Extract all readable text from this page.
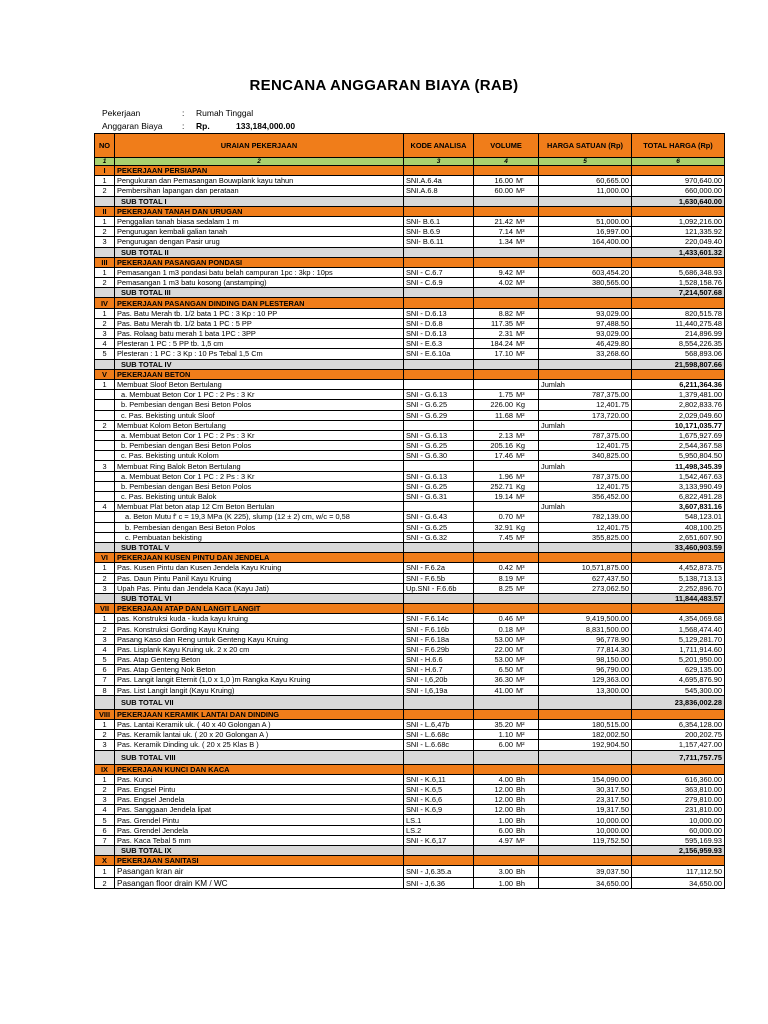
RENCANA ANGGARAN BIAYA (RAB)
Pekerjaan	: Rumah Tinggal
Anggaran Biaya : Rp.	133,184,000.00
NO	URAIAN PEKERJAAN	KODE ANALISA	VOLUME	HARGA SATUAN (Rp)	TOTAL HARGA (Rp)
1	2	3	4	5	6
I	PEKERJAAN PERSIAPAN				
1	Pengukuran dan Pemasangan Bouwplank kayu tahun	SNI.A.6.4a	16.00 M'	60,665.00	970,640.00
2	Pembersihan lapangan dan perataan	SNI.A.6.8	60.00 M²	11,000.00	660,000.00
	SUB TOTAL I				1,630,640.00
II	PEKERJAAN TANAH DAN URUGAN				
1	Penggalian tanah biasa sedalam 1 m	SNI- B.6.1	21.42 M³	51,000.00	1,092,216.00
2	Pengurugan kembali galian tanah	SNI- B.6.9	7.14 M³	16,997.00	121,335.92
3	Pengurugan dengan Pasir urug	SNI- B.6.11	1.34 M³	164,400.00	220,049.40
	SUB TOTAL II				1,433,601.32
III	PEKERJAAN PASANGAN PONDASI				
1	Pemasangan 1 m3 pondasi batu belah campuran 1pc : 3kp : 10ps	SNI - C.6.7	9.42 M³	603,454.20	5,686,348.93
2	Pemasangan 1 m3 batu kosong (anstamping)	SNI - C.6.9	4.02 M³	380,565.00	1,528,158.76
	SUB TOTAL III				7,214,507.68
IV	PEKERJAAN PASANGAN DINDING DAN PLESTERAN				
1	Pas. Batu Merah tb. 1/2 bata 1 PC : 3 Kp : 10 PP	SNI - D.6.13	8.82 M²	93,029.00	820,515.78
2	Pas. Batu Merah tb. 1/2 bata 1 PC : 5 PP	SNI - D.6.8	117.35 M²	97,488.50	11,440,275.48
3	Pas. Rolaag batu merah 1 bata 1PC : 3PP	SNI - D.6.13	2.31 M²	93,029.00	214,896.99
4	Plesteran 1 PC : 5 PP tb. 1,5 cm	SNI - E.6.3	184.24 M²	46,429.80	8,554,226.35
5	Plesteran : 1 PC : 3 Kp : 10 Ps Tebal 1,5 Cm	SNI - E.6.10a	17.10 M²	33,268.60	568,893.06
	SUB TOTAL IV				21,598,807.66
V	PEKERJAAN BETON				
1	Membuat Sloof Beton Bertulang			Jumlah	6,211,364.36
	a. Membuat Beton Cor 1 PC : 2 Ps : 3 Kr	SNI - G.6.13	1.75 M³	787,375.00	1,379,481.00
	b. Pembesian dengan Besi Beton Polos	SNI - G.6.25	226.00 Kg	12,401.75	2,802,833.76
	c. Pas. Bekisting untuk Sloof	SNI - G.6.29	11.68 M²	173,720.00	2,029,049.60
2	Membuat Kolom Beton Bertulang			Jumlah	10,171,035.77
	a. Membuat Beton Cor 1 PC : 2 Ps : 3 Kr	SNI - G.6.13	2.13 M³	787,375.00	1,675,927.69
	b. Pembesian dengan Besi Beton Polos	SNI - G.6.25	205.16 Kg	12,401.75	2,544,367.58
	c. Pas. Bekisting untuk Kolom	SNI - G.6.30	17.46 M²	340,825.00	5,950,804.50
3	Membuat Ring Balok Beton Bertulang			Jumlah	11,498,345.39
	a. Membuat Beton Cor 1 PC : 2 Ps : 3 Kr	SNI - G.6.13	1.96 M³	787,375.00	1,542,467.63
	b. Pembesian dengan Besi Beton Polos	SNI - G.6.25	252.71 Kg	12,401.75	3,133,990.49
	c. Pas. Bekisting untuk Balok	SNI - G.6.31	19.14 M²	356,452.00	6,822,491.28
4	Membuat Plat beton atap 12 Cm Beton Bertulan			Jumlah	3,607,831.16
	a. Beton Mutu f' c = 19,3 MPa (K 225), slump (12 ± 2) cm, w/c = 0,58	SNI - G.6.43	0.70 M³	782,139.00	548,123.01
	b. Pembesian dengan Besi Beton Polos	SNI - G.6.25	32.91 Kg	12,401.75	408,100.25
	c. Pembuatan bekisting	SNI - G.6.32	7.45 M²	355,825.00	2,651,607.90
	SUB TOTAL V				33,460,903.59
VI	PEKERJAAN KUSEN PINTU DAN JENDELA				
1	Pas. Kusen Pintu dan Kusen Jendela Kayu Kruing	SNI - F.6.2a	0.42 M³	10,571,875.00	4,452,873.75
2	Pas. Daun Pintu Panil Kayu Kruing	SNI - F.6.5b	8.19 M²	627,437.50	5,138,713.13
3	Upah Pas. Pintu dan Jendela Kaca (Kayu Jati)	Up.SNI - F.6.6b	8.25 M²	273,062.50	2,252,896.70
	SUB TOTAL VI				11,844,483.57
VII	PEKERJAAN ATAP DAN LANGIT LANGIT				
1	pas. Konstruksi kuda - kuda kayu kruing	SNI - F.6.14c	0.46 M³	9,419,500.00	4,354,069.68
2	Pas. Konstruksi Gording Kayu Kruing	SNI - F.6.16b	0.18 M³	8,831,500.00	1,568,474.40
3	Pasang Kaso dan Reng untuk Genteng Kayu Kruing	SNI - F.6.18a	53.00 M²	96,778.90	5,129,281.70
4	Pas. Lisplank Kayu Kruing uk. 2 x 20 cm	SNI - F.6.29b	22.00 M'	77,814.30	1,711,914.60
5	Pas. Atap Genteng Beton	SNI - H.6.6	53.00 M²	98,150.00	5,201,950.00
6	Pas. Atap Genteng Nok Beton	SNI - H.6.7	6.50 M'	96,790.00	629,135.00
7	Pas. Langit langit Eternit (1,0 x 1,0 )m Rangka Kayu Kruing	SNI - I,6,20b	36.30 M²	129,363.00	4,695,876.90
8	Pas. List Langit langit (Kayu Kruing)	SNI - I,6,19a	41.00 M'	13,300.00	545,300.00
	SUB TOTAL VII				23,836,002.28
VIII	PEKERJAAN KERAMIK LANTAI DAN DINDING				
1	Pas. Lantai Keramik uk. ( 40 x 40 Golongan A )	SNI - L.6,47b	35.20 M²	180,515.00	6,354,128.00
2	Pas. Keramik lantai uk. ( 20 x 20 Golongan A )	SNI - L.6.68c	1.10 M²	182,002.50	200,202.75
3	Pas. Keramik Dinding uk. ( 20 x 25 Klas B )	SNI - L.6.68c	6.00 M²	192,904.50	1,157,427.00
	SUB TOTAL VIII				7,711,757.75
IX	PEKERJAAN KUNCI DAN KACA				
1	Pas. Kunci	SNI - K.6,11	4.00 Bh	154,090.00	616,360.00
2	Pas. Engsel Pintu	SNI - K.6,5	12.00 Bh	30,317.50	363,810.00
3	Pas. Engsel Jendela	SNI - K.6,6	12.00 Bh	23,317.50	279,810.00
4	Pas. Sanggaan Jendela lipat	SNI - K.6,9	12.00 Bh	19,317.50	231,810.00
5	Pas. Grendel Pintu	LS.1	1.00 Bh	10,000.00	10,000.00
6	Pas. Grendel Jendela	LS.2	6.00 Bh	10,000.00	60,000.00
7	Pas. Kaca Tebal 5 mm	SNI - K.6,17	4.97 M²	119,752.50	595,169.93
	SUB TOTAL IX				2,156,959.93
X	PEKERJAAN SANITASI				
1	Pasangan kran air	SNI - J,6.35.a	3.00 Bh	39,037.50	117,112.50
2	Pasangan floor drain KM / WC	SNI - J,6.36	1.00 Bh	34,650.00	34,650.00
